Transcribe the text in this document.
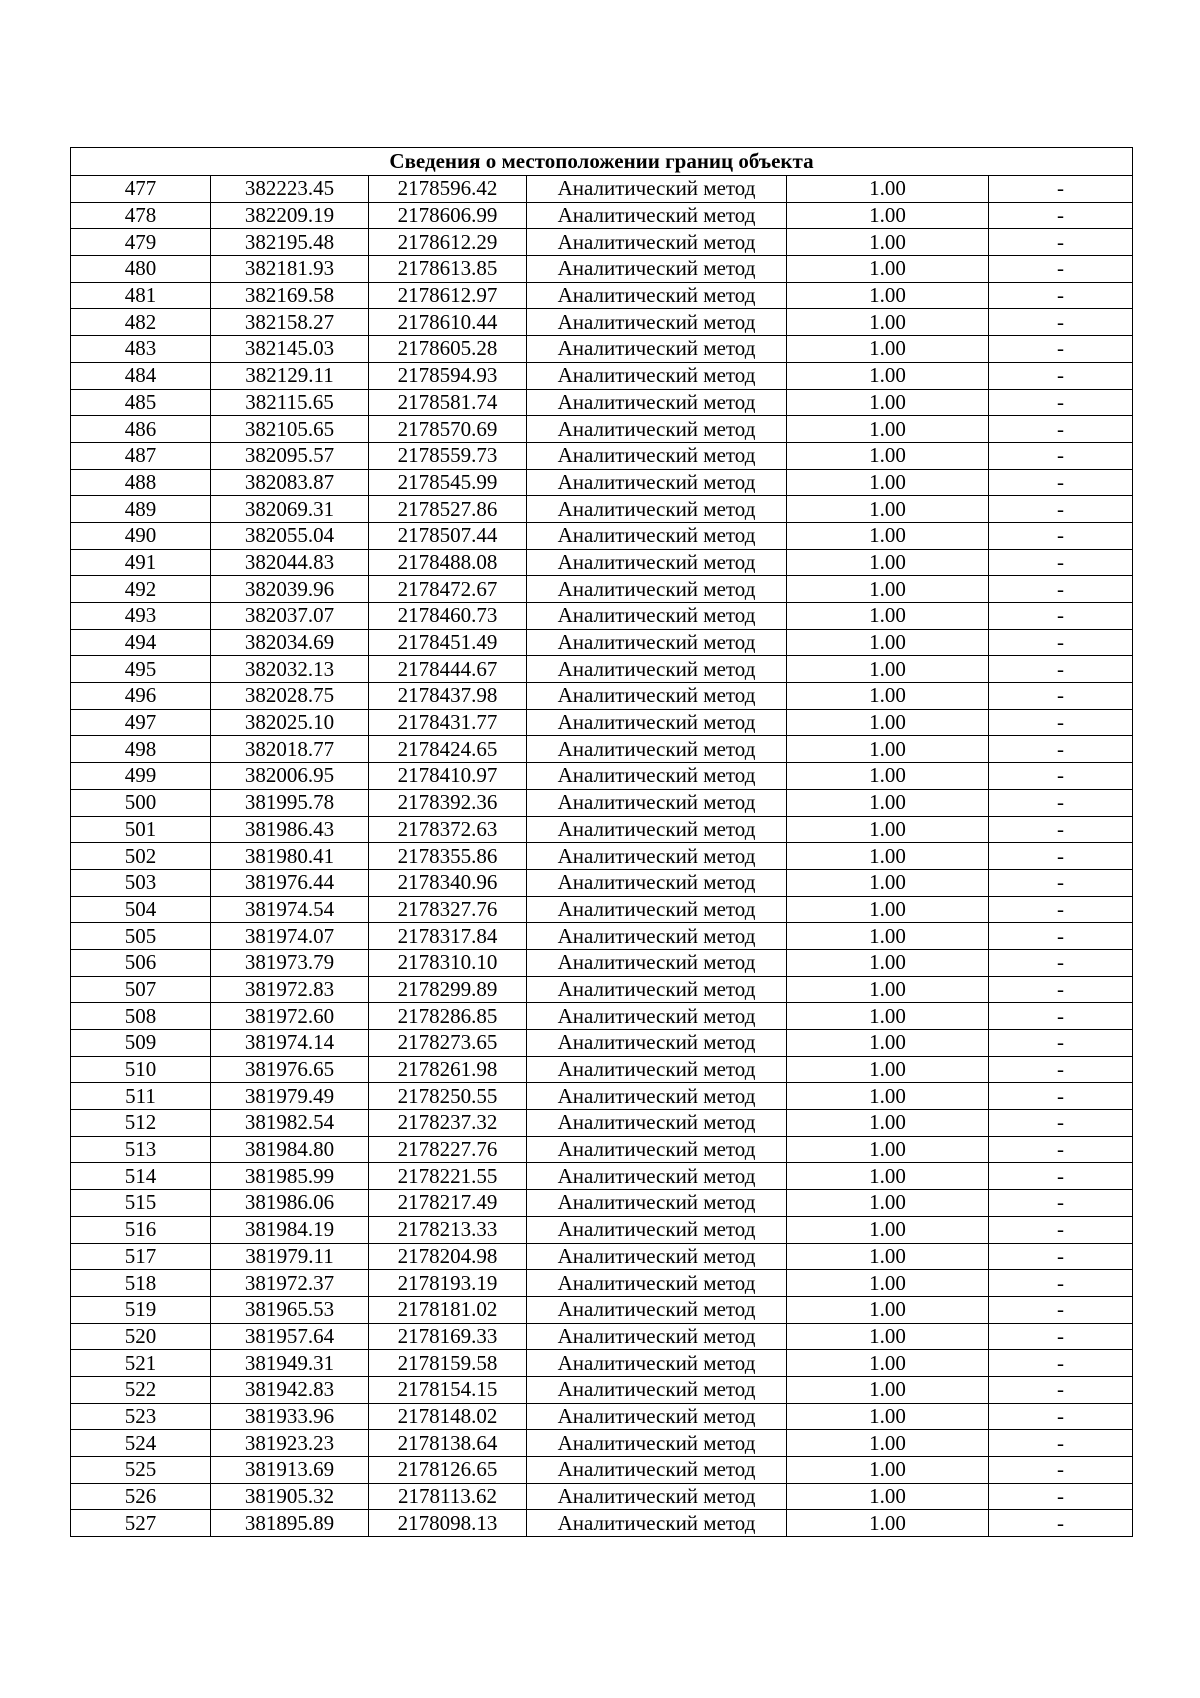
Сведения о местоположении границ объекта					
477	382223.45	2178596.42	Аналитический метод	1.00	-
478	382209.19	2178606.99	Аналитический метод	1.00	-
479	382195.48	2178612.29	Аналитический метод	1.00	-
480	382181.93	2178613.85	Аналитический метод	1.00	-
481	382169.58	2178612.97	Аналитический метод	1.00	-
482	382158.27	2178610.44	Аналитический метод	1.00	-
483	382145.03	2178605.28	Аналитический метод	1.00	-
484	382129.11	2178594.93	Аналитический метод	1.00	-
485	382115.65	2178581.74	Аналитический метод	1.00	-
486	382105.65	2178570.69	Аналитический метод	1.00	-
487	382095.57	2178559.73	Аналитический метод	1.00	-
488	382083.87	2178545.99	Аналитический метод	1.00	-
489	382069.31	2178527.86	Аналитический метод	1.00	-
490	382055.04	2178507.44	Аналитический метод	1.00	-
491	382044.83	2178488.08	Аналитический метод	1.00	-
492	382039.96	2178472.67	Аналитический метод	1.00	-
493	382037.07	2178460.73	Аналитический метод	1.00	-
494	382034.69	2178451.49	Аналитический метод	1.00	-
495	382032.13	2178444.67	Аналитический метод	1.00	-
496	382028.75	2178437.98	Аналитический метод	1.00	-
497	382025.10	2178431.77	Аналитический метод	1.00	-
498	382018.77	2178424.65	Аналитический метод	1.00	-
499	382006.95	2178410.97	Аналитический метод	1.00	-
500	381995.78	2178392.36	Аналитический метод	1.00	-
501	381986.43	2178372.63	Аналитический метод	1.00	-
502	381980.41	2178355.86	Аналитический метод	1.00	-
503	381976.44	2178340.96	Аналитический метод	1.00	-
504	381974.54	2178327.76	Аналитический метод	1.00	-
505	381974.07	2178317.84	Аналитический метод	1.00	-
506	381973.79	2178310.10	Аналитический метод	1.00	-
507	381972.83	2178299.89	Аналитический метод	1.00	-
508	381972.60	2178286.85	Аналитический метод	1.00	-
509	381974.14	2178273.65	Аналитический метод	1.00	-
510	381976.65	2178261.98	Аналитический метод	1.00	-
511	381979.49	2178250.55	Аналитический метод	1.00	-
512	381982.54	2178237.32	Аналитический метод	1.00	-
513	381984.80	2178227.76	Аналитический метод	1.00	-
514	381985.99	2178221.55	Аналитический метод	1.00	-
515	381986.06	2178217.49	Аналитический метод	1.00	-
516	381984.19	2178213.33	Аналитический метод	1.00	-
517	381979.11	2178204.98	Аналитический метод	1.00	-
518	381972.37	2178193.19	Аналитический метод	1.00	-
519	381965.53	2178181.02	Аналитический метод	1.00	-
520	381957.64	2178169.33	Аналитический метод	1.00	-
521	381949.31	2178159.58	Аналитический метод	1.00	-
522	381942.83	2178154.15	Аналитический метод	1.00	-
523	381933.96	2178148.02	Аналитический метод	1.00	-
524	381923.23	2178138.64	Аналитический метод	1.00	-
525	381913.69	2178126.65	Аналитический метод	1.00	-
526	381905.32	2178113.62	Аналитический метод	1.00	-
527	381895.89	2178098.13	Аналитический метод	1.00	-
